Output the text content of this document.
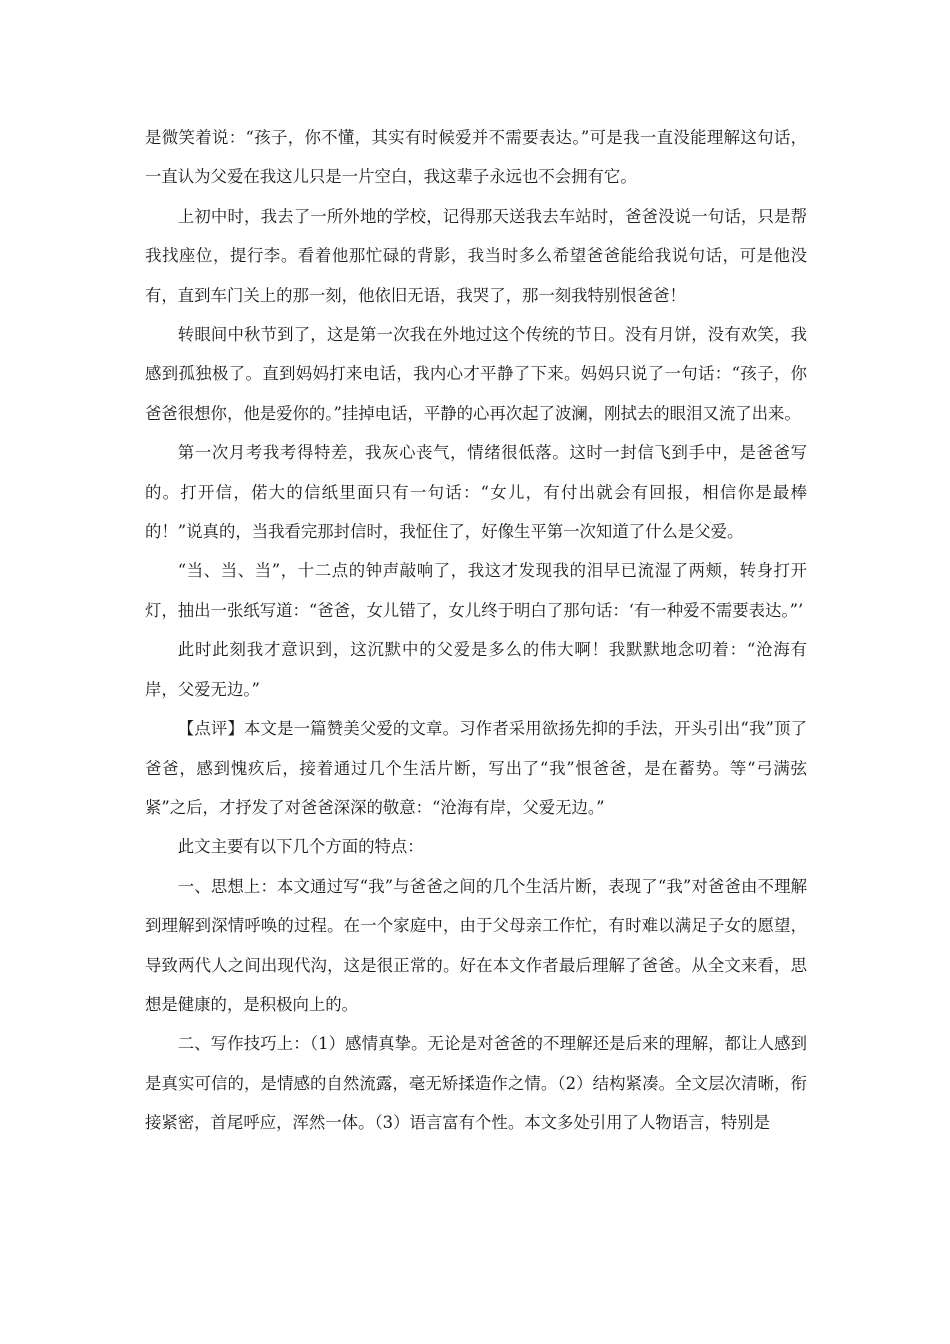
是微笑着说：“孩子，你不懂，其实有时候爱并不需要表达。”可是我一直没能理解这句话，一直认为父爱在我这儿只是一片空白，我这辈子永远也不会拥有它。

上初中时，我去了一所外地的学校，记得那天送我去车站时，爸爸没说一句话，只是帮我找座位，提行李。看着他那忙碌的背影，我当时多么希望爸爸能给我说句话，可是他没有，直到车门关上的那一刻，他依旧无语，我哭了，那一刻我特别恨爸爸！

转眼间中秋节到了，这是第一次我在外地过这个传统的节日。没有月饼，没有欢笑，我感到孤独极了。直到妈妈打来电话，我内心才平静了下来。妈妈只说了一句话：“孩子，你爸爸很想你，他是爱你的。”挂掉电话，平静的心再次起了波澜，刚拭去的眼泪又流了出来。

第一次月考我考得特差，我灰心丧气，情绪很低落。这时一封信飞到手中，是爸爸写的。打开信，偌大的信纸里面只有一句话：“女儿，有付出就会有回报，相信你是最棒的！”说真的，当我看完那封信时，我怔住了，好像生平第一次知道了什么是父爱。

“当、当、当”，十二点的钟声敲响了，我这才发现我的泪早已流湿了两颊，转身打开灯，抽出一张纸写道：“爸爸，女儿错了，女儿终于明白了那句话：‘有一种爱不需要表达。”’

此时此刻我才意识到，这沉默中的父爱是多么的伟大啊！我默默地念叨着：“沧海有岸，父爱无边。”

【点评】本文是一篇赞美父爱的文章。习作者采用欲扬先抑的手法，开头引出“我”顶了爸爸，感到愧疚后，接着通过几个生活片断，写出了“我”恨爸爸，是在蓄势。等“弓满弦紧”之后，才抒发了对爸爸深深的敬意：“沧海有岸，父爱无边。”

此文主要有以下几个方面的特点：

一、思想上：本文通过写“我”与爸爸之间的几个生活片断，表现了“我”对爸爸由不理解到理解到深情呼唤的过程。在一个家庭中，由于父母亲工作忙，有时难以满足子女的愿望，导致两代人之间出现代沟，这是很正常的。好在本文作者最后理解了爸爸。从全文来看，思想是健康的，是积极向上的。

二、写作技巧上：（1）感情真挚。无论是对爸爸的不理解还是后来的理解，都让人感到是真实可信的，是情感的自然流露，毫无矫揉造作之情。（2）结构紧凑。全文层次清晰，衔接紧密，首尾呼应，浑然一体。（3）语言富有个性。本文多处引用了人物语言，特别是
